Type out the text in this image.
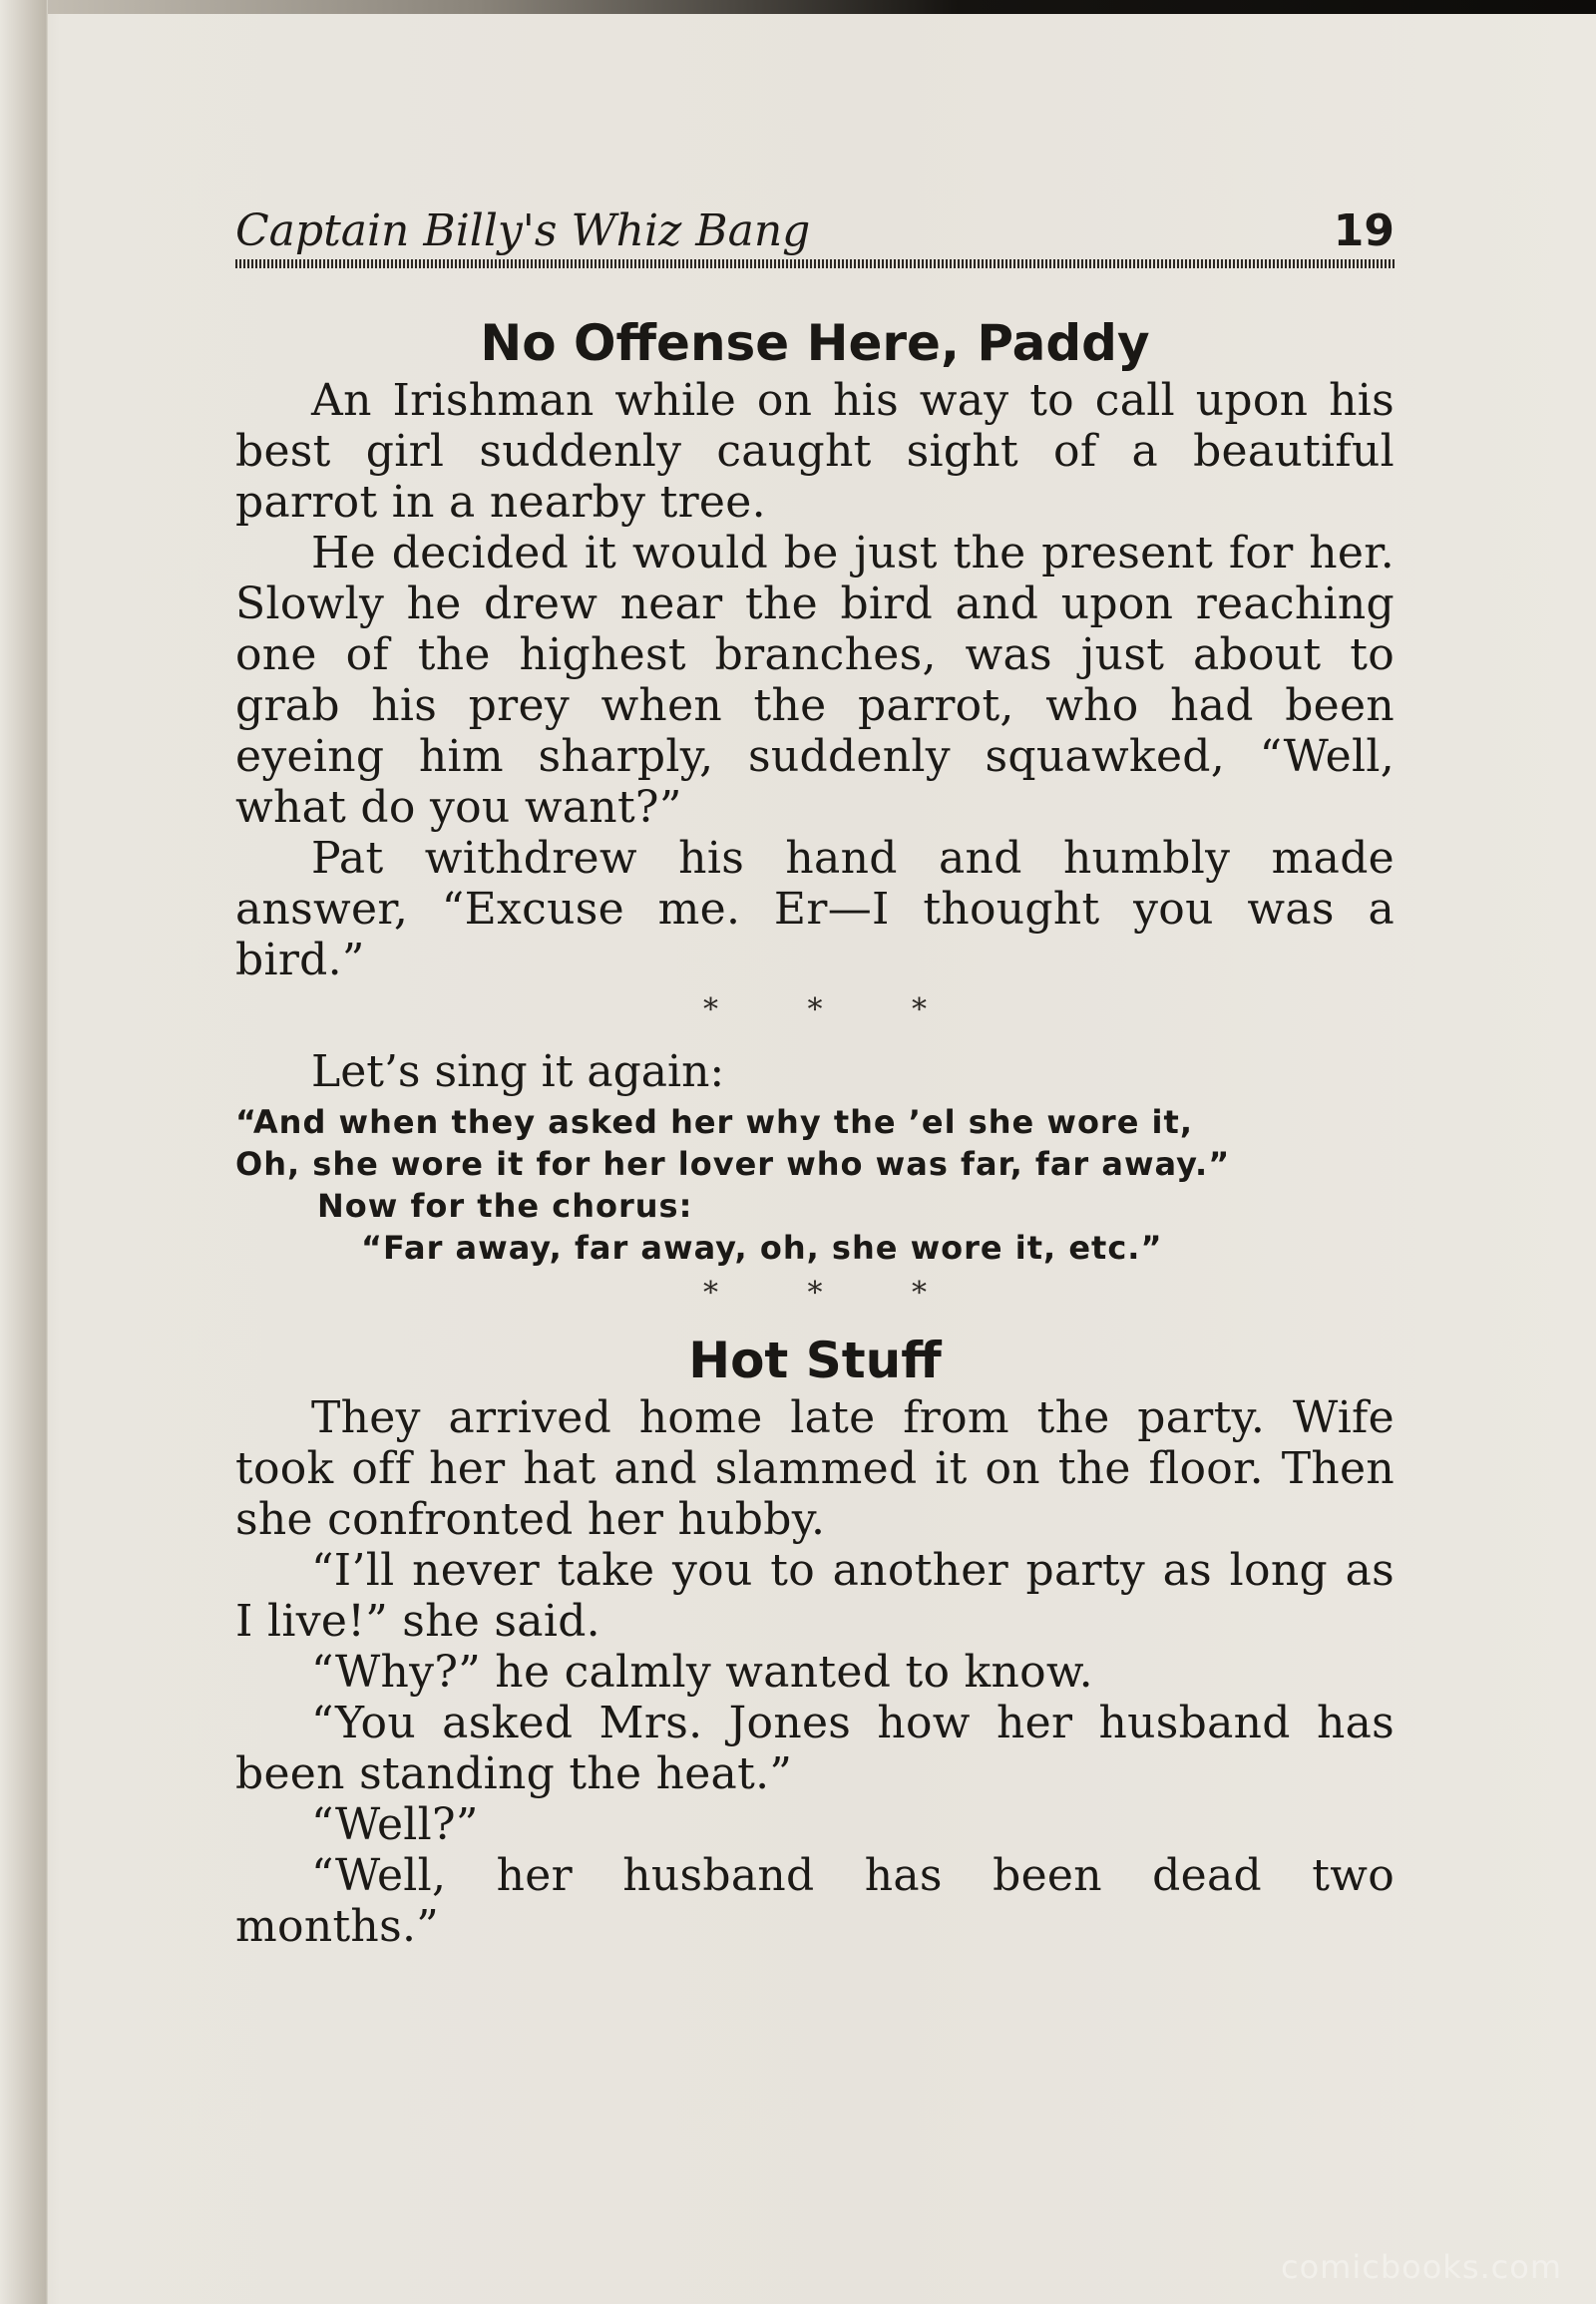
Captain Billy's Whiz Bang	19
No Offense Here, Paddy

An Irishman while on his way to call upon his best girl suddenly caught sight of a beautiful parrot in a nearby tree.

He decided it would be just the present for her. Slowly he drew near the bird and upon reaching one of the highest branches, was just about to grab his prey when the parrot, who had been eyeing him sharply, suddenly squawked, “Well, what do you want?”

Pat withdrew his hand and humbly made answer, “Excuse me. Er—I thought you was a bird.”

* * *

Let’s sing it again:

“And when they asked her why the ’el she wore it,

Oh, she wore it for her lover who was far, far away.”

Now for the chorus:

“Far away, far away, oh, she wore it, etc.”

* * *

Hot Stuff

They arrived home late from the party. Wife took off her hat and slammed it on the floor. Then she confronted her hubby.

“I’ll never take you to another party as long as I live!” she said.

“Why?” he calmly wanted to know.

“You asked Mrs. Jones how her husband has been standing the heat.”

“Well?”

“Well, her husband has been dead two months.”

comicbooks.com
